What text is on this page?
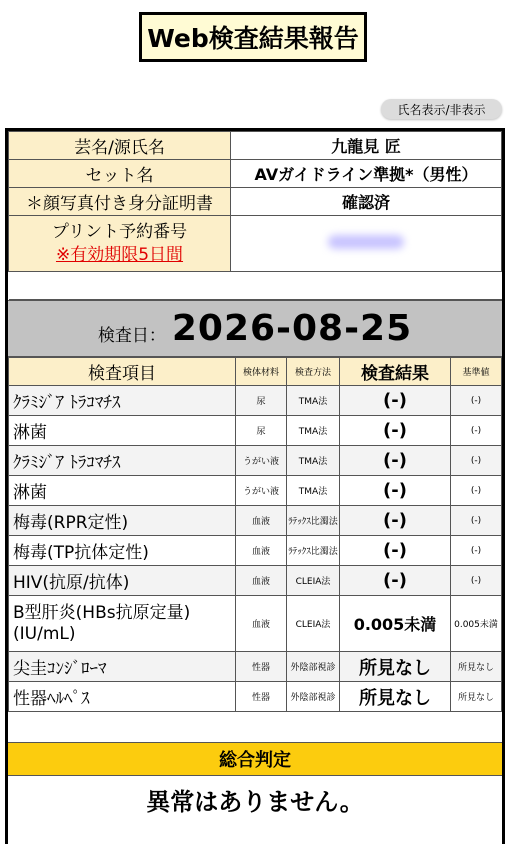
Web検査結果報告
氏名表示/非表示
芸名/源氏名	九龍見 匠
セット名	AVガイドライン準拠*（男性）
＊顔写真付き身分証明書	確認済

プリント予約番号
※有効期限5日間	

検査日： 2026-08-25
検査項目	検体材料	検査方法	検査結果	基準値
ｸﾗﾐｼﾞｱ ﾄﾗｺﾏﾁｽ	尿	TMA法	(-)	(-)
淋菌	尿	TMA法	(-)	(-)
ｸﾗﾐｼﾞｱ ﾄﾗｺﾏﾁｽ	うがい液	TMA法	(-)	(-)
淋菌	うがい液	TMA法	(-)	(-)
梅毒(RPR定性)	血液	ﾗﾃｯｸｽ比濁法	(-)	(-)
梅毒(TP抗体定性)	血液	ﾗﾃｯｸｽ比濁法	(-)	(-)
HIV(抗原/抗体)	血液	CLEIA法	(-)	(-)
B型肝炎(HBs抗原定量)(IU/mL)	血液	CLEIA法	0.005未満	0.005未満
尖圭ｺﾝｼﾞﾛｰﾏ	性器	外陰部視診	所見なし	所見なし
性器ﾍﾙﾍﾟｽ	性器	外陰部視診	所見なし	所見なし
総合判定
異常はありません。
